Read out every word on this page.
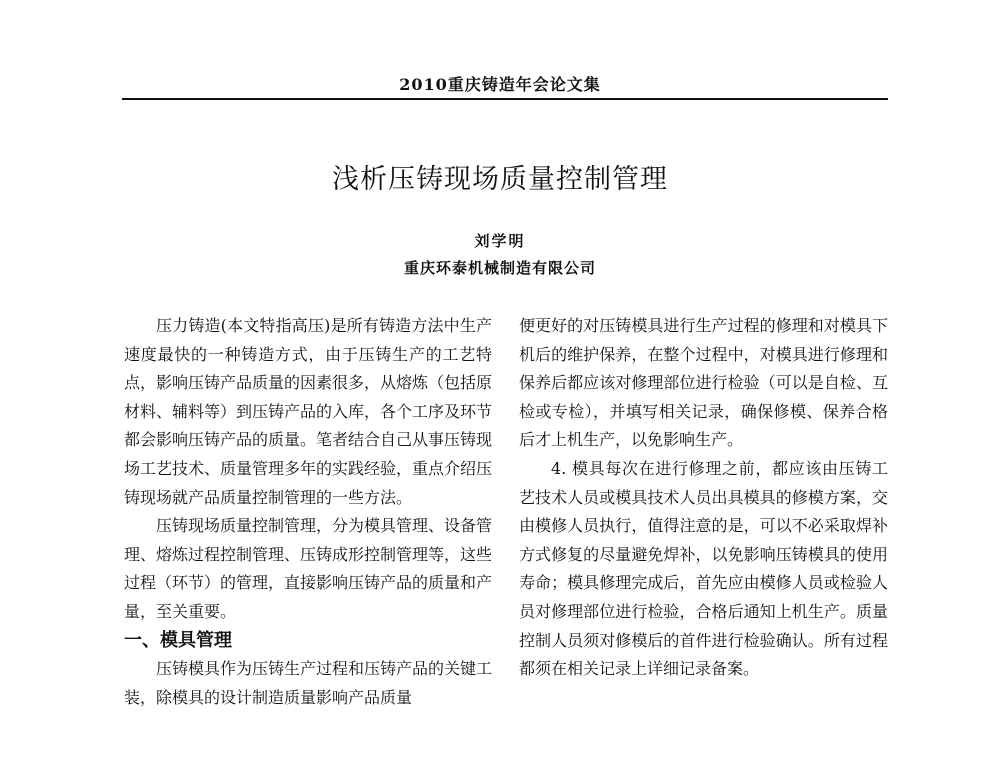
2010重庆铸造年会论文集
浅析压铸现场质量控制管理
刘学明
重庆环泰机械制造有限公司

压力铸造(本文特指高压)是所有铸造方法中生产速度最快的一种铸造方式，由于压铸生产的工艺特点，影响压铸产品质量的因素很多，从熔炼（包括原材料、辅料等）到压铸产品的入库，各个工序及环节都会影响压铸产品的质量。笔者结合自己从事压铸现场工艺技术、质量管理多年的实践经验，重点介绍压铸现场就产品质量控制管理的一些方法。

压铸现场质量控制管理，分为模具管理、设备管理、熔炼过程控制管理、压铸成形控制管理等，这些过程（环节）的管理，直接影响压铸产品的质量和产量，至关重要。

一、模具管理

压铸模具作为压铸生产过程和压铸产品的关键工装，除模具的设计制造质量影响产品质量

便更好的对压铸模具进行生产过程的修理和对模具下机后的维护保养，在整个过程中，对模具进行修理和保养后都应该对修理部位进行检验（可以是自检、互检或专检），并填写相关记录，确保修模、保养合格后才上机生产，以免影响生产。

4. 模具每次在进行修理之前，都应该由压铸工艺技术人员或模具技术人员出具模具的修模方案，交由模修人员执行，值得注意的是，可以不必采取焊补方式修复的尽量避免焊补，以免影响压铸模具的使用寿命；模具修理完成后，首先应由模修人员或检验人员对修理部位进行检验，合格后通知上机生产。质量控制人员须对修模后的首件进行检验确认。所有过程都须在相关记录上详细记录备案。
